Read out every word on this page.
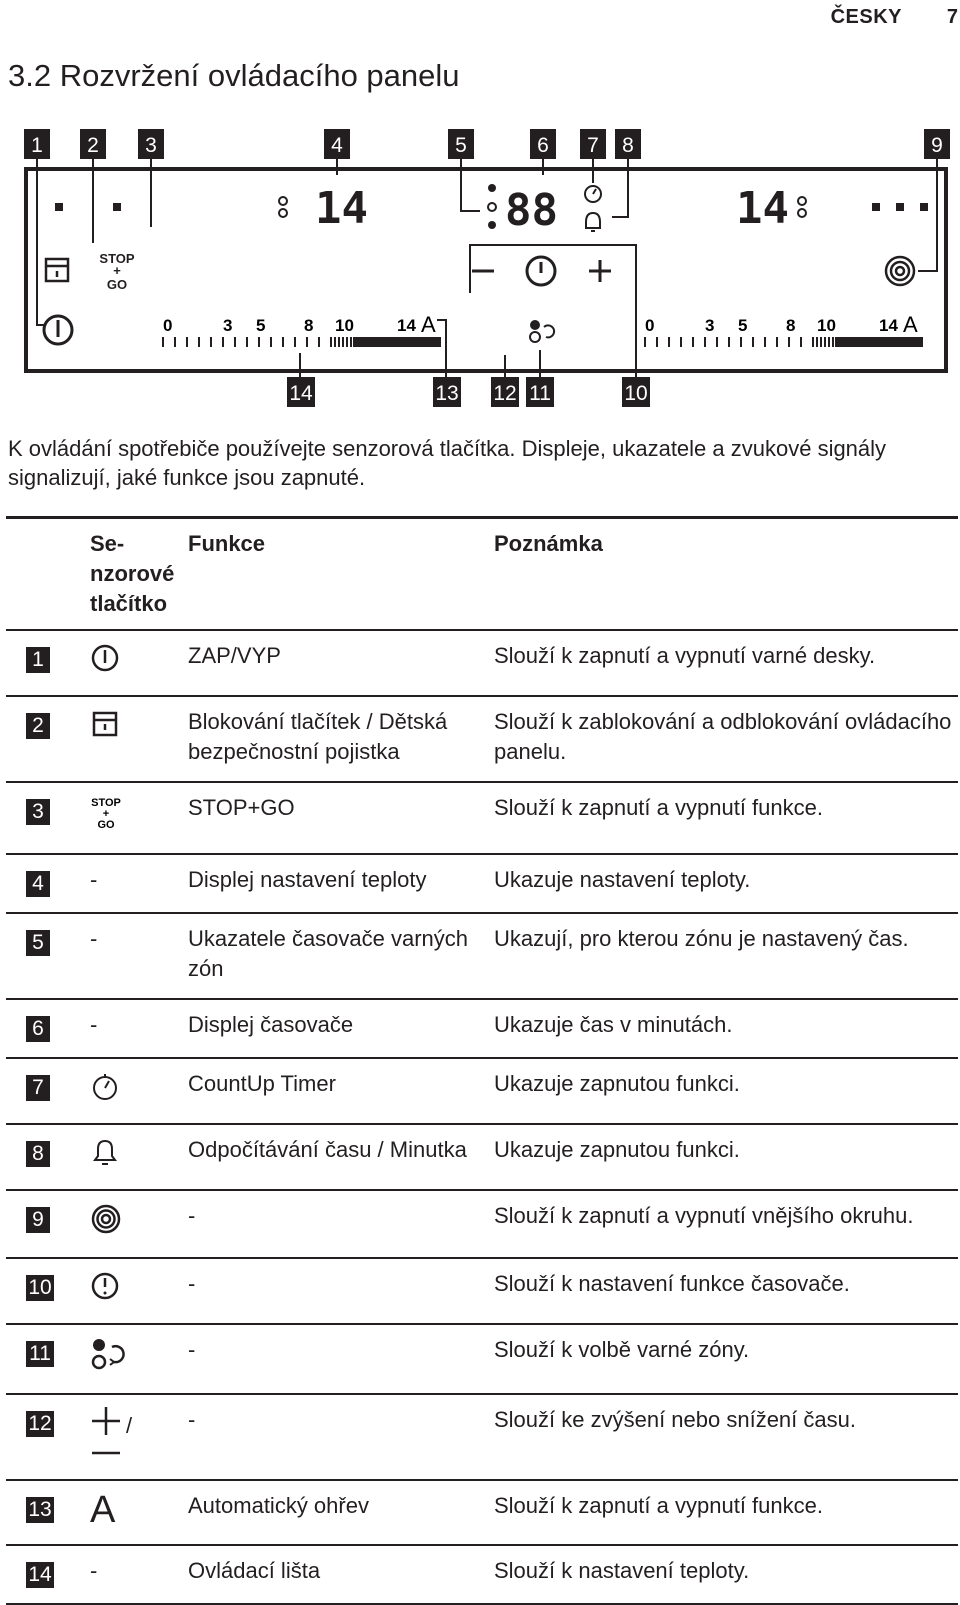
ČESKY 7
3.2 Rozvržení ovládacího panelu
1 2 3	4	5	6 7 8	9
14	88	14
STOP
+
GO
0	3 5 8 10	14 A	0	3 5 8 10	14 A
14	13 12 11	10
K ovládání spotřebiče používejte senzorová tlačítka. Displeje, ukazatele a zvukové signály signalizují, jaké funkce jsou zapnuté.
	Senzorové tlačítko	Funkce	Poznámka
1		ZAP/VYP	Slouží k zapnutí a vypnutí varné desky.
2		Blokování tlačítek / Dětská bezpečnostní pojistka	Slouží k zablokování a odblokování ovládacího panelu.
3	STOP
+
GO	STOP+GO	Slouží k zapnutí a vypnutí funkce.
4	-	Displej nastavení teploty	Ukazuje nastavení teploty.
5	-	Ukazatele časovače varných zón	Ukazují, pro kterou zónu je nastavený čas.
6	-	Displej časovače	Ukazuje čas v minutách.
7		CountUp Timer	Ukazuje zapnutou funkci.
8		Odpočítávání času / Minutka	Ukazuje zapnutou funkci.
9		-	Slouží k zapnutí a vypnutí vnějšího okruhu.
10		-	Slouží k nastavení funkce časovače.
11		-	Slouží k volbě varné zóny.
12	/	-	Slouží ke zvýšení nebo snížení času.
13	A	Automatický ohřev	Slouží k zapnutí a vypnutí funkce.
14	-	Ovládací lišta	Slouží k nastavení teploty.
